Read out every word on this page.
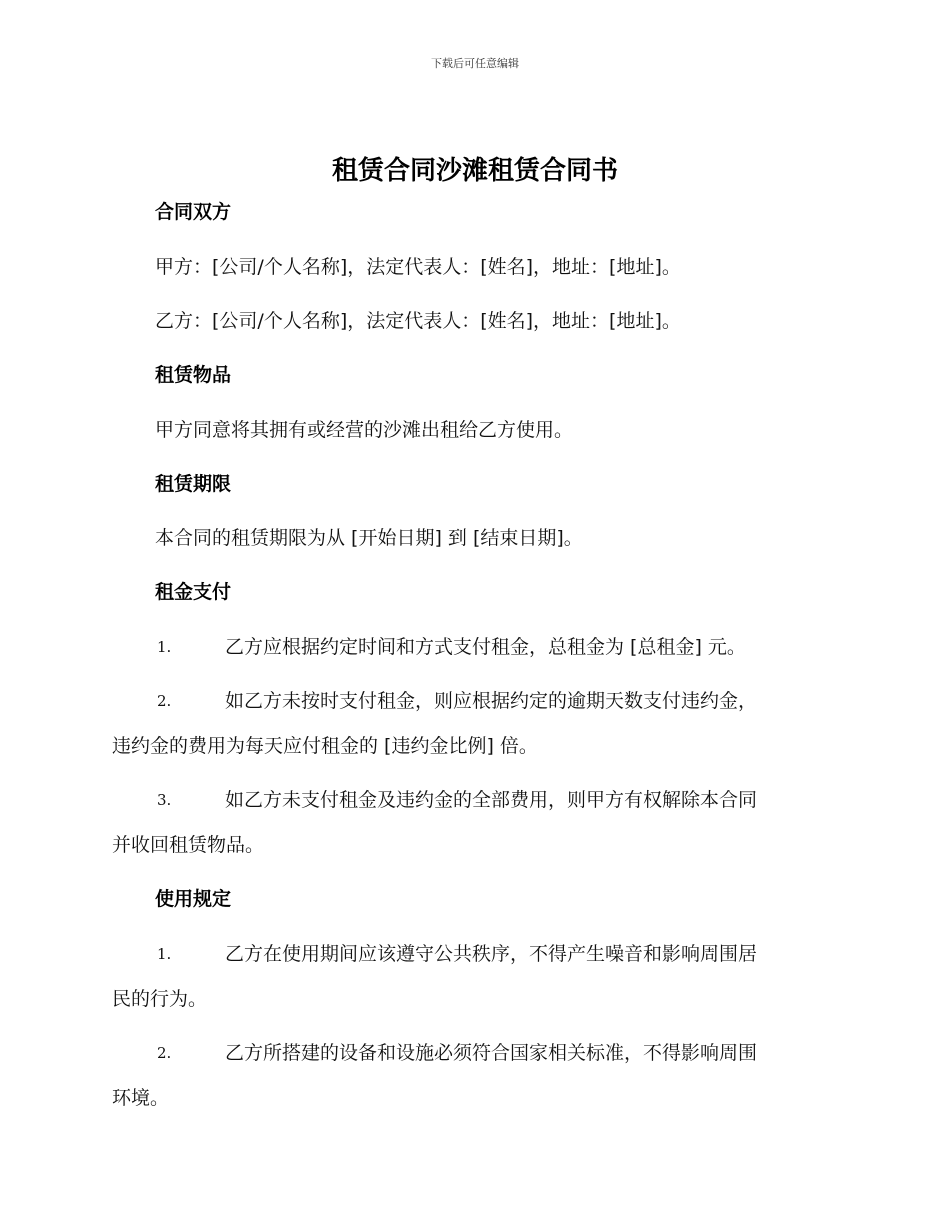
下载后可任意编辑
租赁合同沙滩租赁合同书
合同双方
甲方：[公司/个人名称]，法定代表人：[姓名]，地址：[地址]。
乙方：[公司/个人名称]，法定代表人：[姓名]，地址：[地址]。
租赁物品
甲方同意将其拥有或经营的沙滩出租给乙方使用。
租赁期限
本合同的租赁期限为从 [开始日期] 到 [结束日期]。
租金支付
1.	乙方应根据约定时间和方式支付租金，总租金为 [总租金] 元。
2.	如乙方未按时支付租金，则应根据约定的逾期天数支付违约金，
违约金的费用为每天应付租金的 [违约金比例] 倍。
3.	如乙方未支付租金及违约金的全部费用，则甲方有权解除本合同
并收回租赁物品。
使用规定
1.	乙方在使用期间应该遵守公共秩序，不得产生噪音和影响周围居
民的行为。
2.	乙方所搭建的设备和设施必须符合国家相关标准，不得影响周围
环境。
